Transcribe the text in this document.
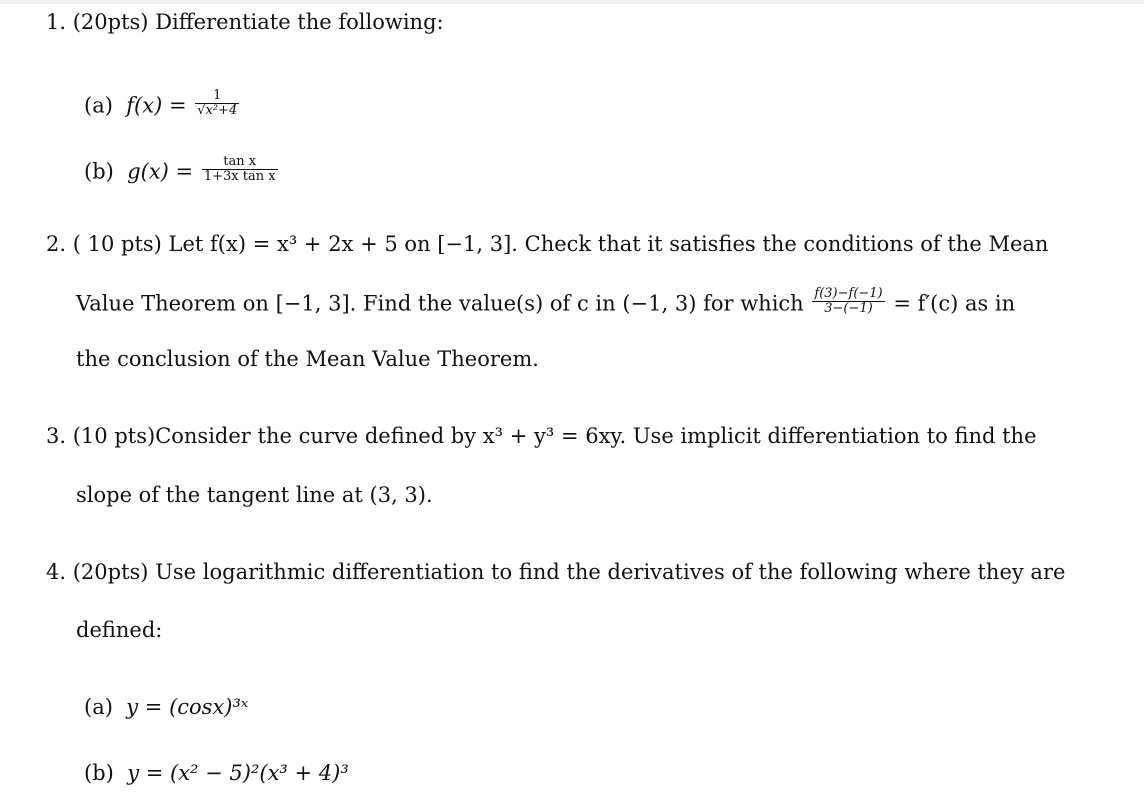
1. (20pts) Differentiate the following:
(a) $f(x) = \frac{1}{\text{√x²+4}}$
(b) $g(x) = \frac{\text{tan x}}{\text{1+3x tan x}}$
2. ( 10 pts) Let f(x) = x³ + 2x + 5 on [−1, 3]. Check that it satisfies the conditions of the Mean
Value Theorem on [−1, 3]. Find the value(s) of c in (−1, 3) for which $\frac{f(3)-f(-1)}{3-(-1)} = f'(c)$ as in
the conclusion of the Mean Value Theorem.
3. (10 pts)Consider the curve defined by x³ + y³ = 6xy. Use implicit differentiation to find the
slope of the tangent line at (3, 3).
4. (20pts) Use logarithmic differentiation to find the derivatives of the following where they are
defined:
(a) y = (cosx)³ˣ
(b) y = (x² − 5)²(x³ + 4)³
